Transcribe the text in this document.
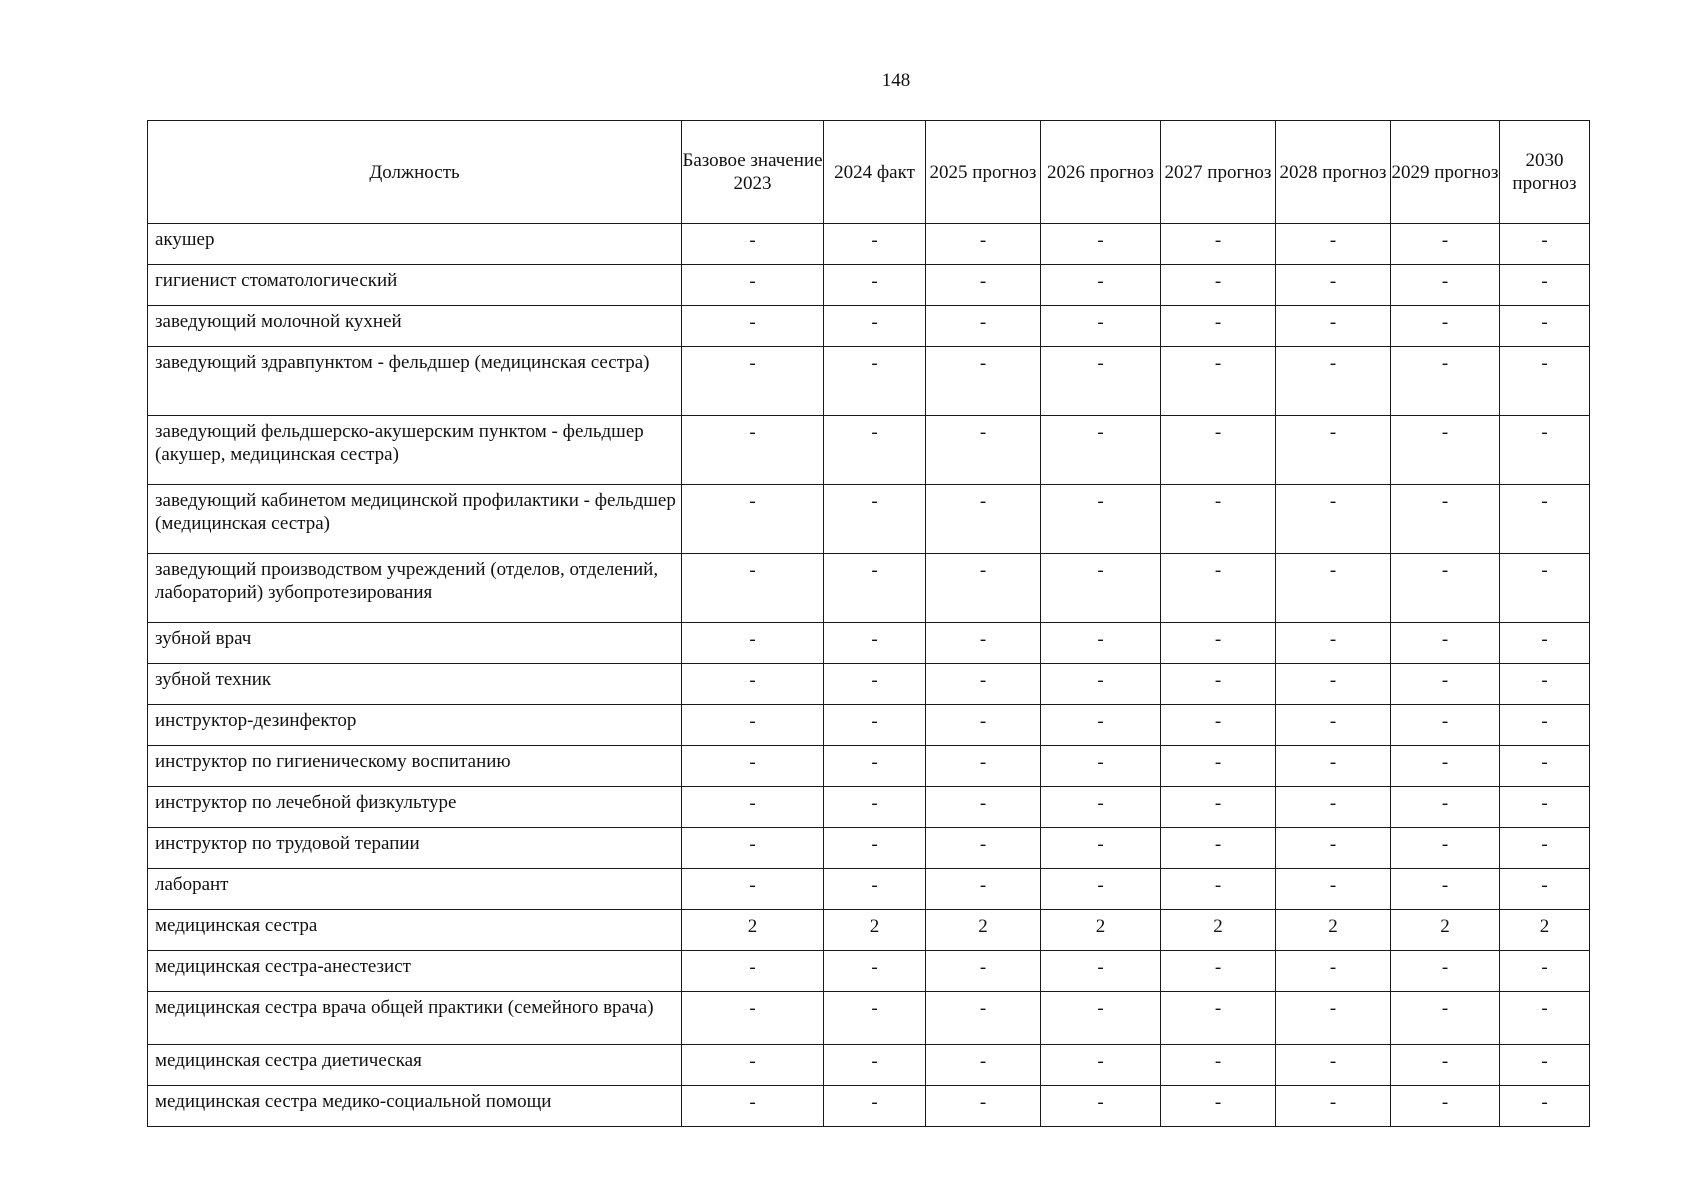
148
Должность	Базовое значение 2023	2024 факт	2025 прогноз	2026 прогноз	2027 прогноз	2028 прогноз	2029 прогноз	2030 прогноз
акушер	-	-	-	-	-	-	-	-
гигиенист стоматологический	-	-	-	-	-	-	-	-
заведующий молочной кухней	-	-	-	-	-	-	-	-
заведующий здравпунктом - фельдшер (медицинская сестра)	-	-	-	-	-	-	-	-
заведующий фельдшерско-акушерским пунктом - фельдшер (акушер, медицинская сестра)	-	-	-	-	-	-	-	-
заведующий кабинетом медицинской профилактики - фельдшер (медицинская сестра)	-	-	-	-	-	-	-	-
заведующий производством учреждений (отделов, отделений, лабораторий) зубопротезирования	-	-	-	-	-	-	-	-
зубной врач	-	-	-	-	-	-	-	-
зубной техник	-	-	-	-	-	-	-	-
инструктор-дезинфектор	-	-	-	-	-	-	-	-
инструктор по гигиеническому воспитанию	-	-	-	-	-	-	-	-
инструктор по лечебной физкультуре	-	-	-	-	-	-	-	-
инструктор по трудовой терапии	-	-	-	-	-	-	-	-
лаборант	-	-	-	-	-	-	-	-
медицинская сестра	2	2	2	2	2	2	2	2
медицинская сестра-анестезист	-	-	-	-	-	-	-	-
медицинская сестра врача общей практики (семейного врача)	-	-	-	-	-	-	-	-
медицинская сестра диетическая	-	-	-	-	-	-	-	-
медицинская сестра медико-социальной помощи	-	-	-	-	-	-	-	-
